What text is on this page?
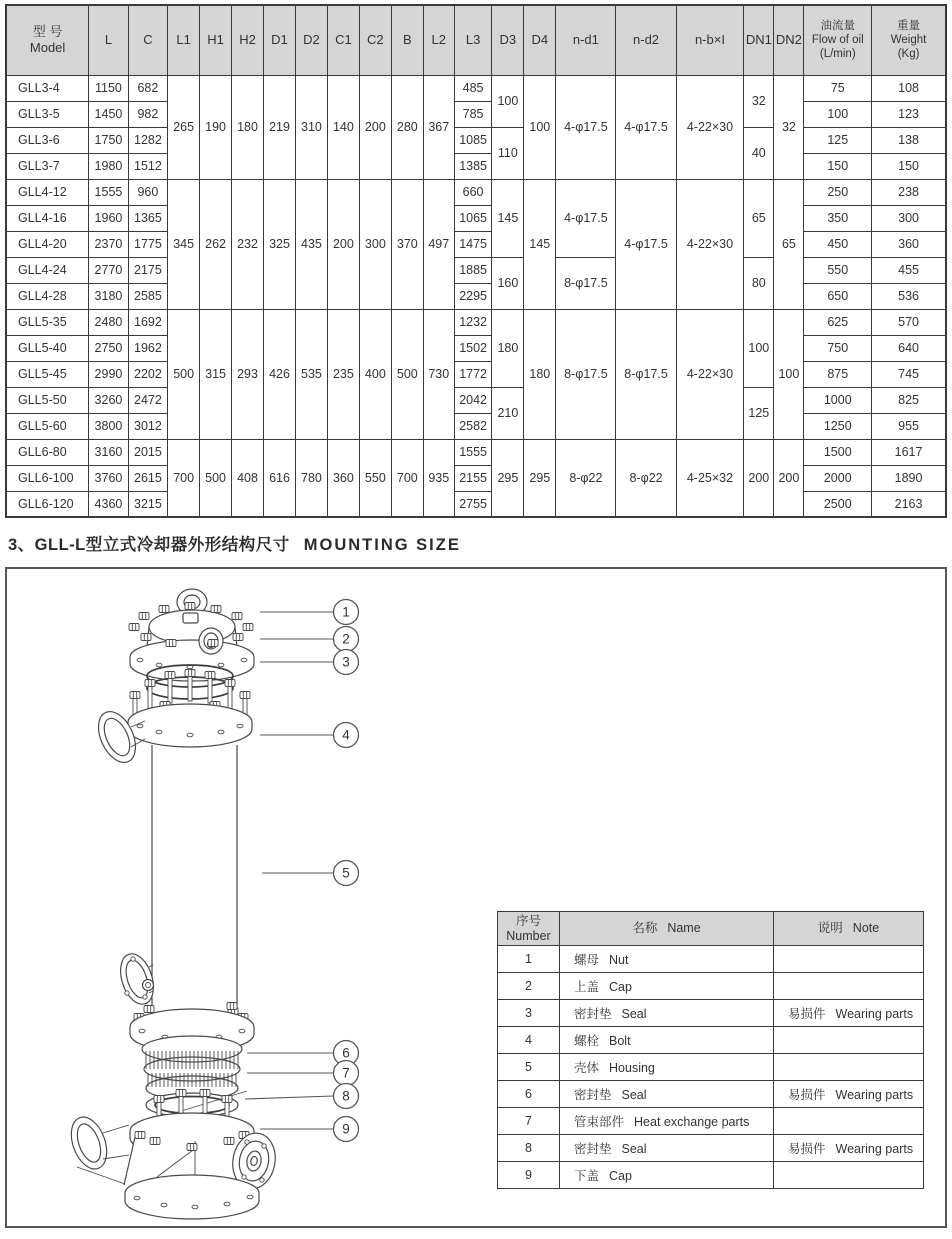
型 号
Model

L	C	L1	H1	H2	D1	D2	C1	C2	B	L2	L3	D3	D4	n-d1	n-d2	n-b×I	DN1	DN2

油流量
Flow of oil
(L/min)

重量
Weight
(Kg)

GLL3-4	1150	682	265	190	180	219	310	140	200	280	367	485	100	100	4-φ17.5	4-φ17.5	4-22×30	32	32	75	108
GLL3-5	1450	982										785								100	123
GLL3-6	1750	1282										1085	110					40		125	138
GLL3-7	1980	1512										1385								150	150
GLL4-12	1555	960	345	262	232	325	435	200	300	370	497	660	145	145	4-φ17.5	4-φ17.5	4-22×30	65	65	250	238
GLL4-16	1960	1365										1065								350	300
GLL4-20	2370	1775										1475								450	360
GLL4-24	2770	2175										1885	160		8-φ17.5			80		550	455
GLL4-28	3180	2585										2295								650	536
GLL5-35	2480	1692	500	315	293	426	535	235	400	500	730	1232	180	180	8-φ17.5	8-φ17.5	4-22×30	100	100	625	570
GLL5-40	2750	1962										1502								750	640
GLL5-45	2990	2202										1772								875	745
GLL5-50	3260	2472										2042	210					125		1000	825
GLL5-60	3800	3012										2582								1250	955
GLL6-80	3160	2015	700	500	408	616	780	360	550	700	935	1555	295	295	8-φ22	8-φ22	4-25×32	200	200	1500	1617
GLL6-100	3760	2615										2155								2000	1890
GLL6-120	4360	3215										2755								2500	2163
3、GLL-L型立式冷却器外形结构尺寸 MOUNTING SIZE
1
2
3
4
5
6
7
8
9
序号
Number	名称 Name	说明 Note
1	螺母 Nut	
2	上盖 Cap	
3	密封垫 Seal	易损件 Wearing parts
4	螺栓 Bolt	
5	壳体 Housing	
6	密封垫 Seal	易损件 Wearing parts
7	管束部件 Heat exchange parts	
8	密封垫 Seal	易损件 Wearing parts
9	下盖 Cap	
